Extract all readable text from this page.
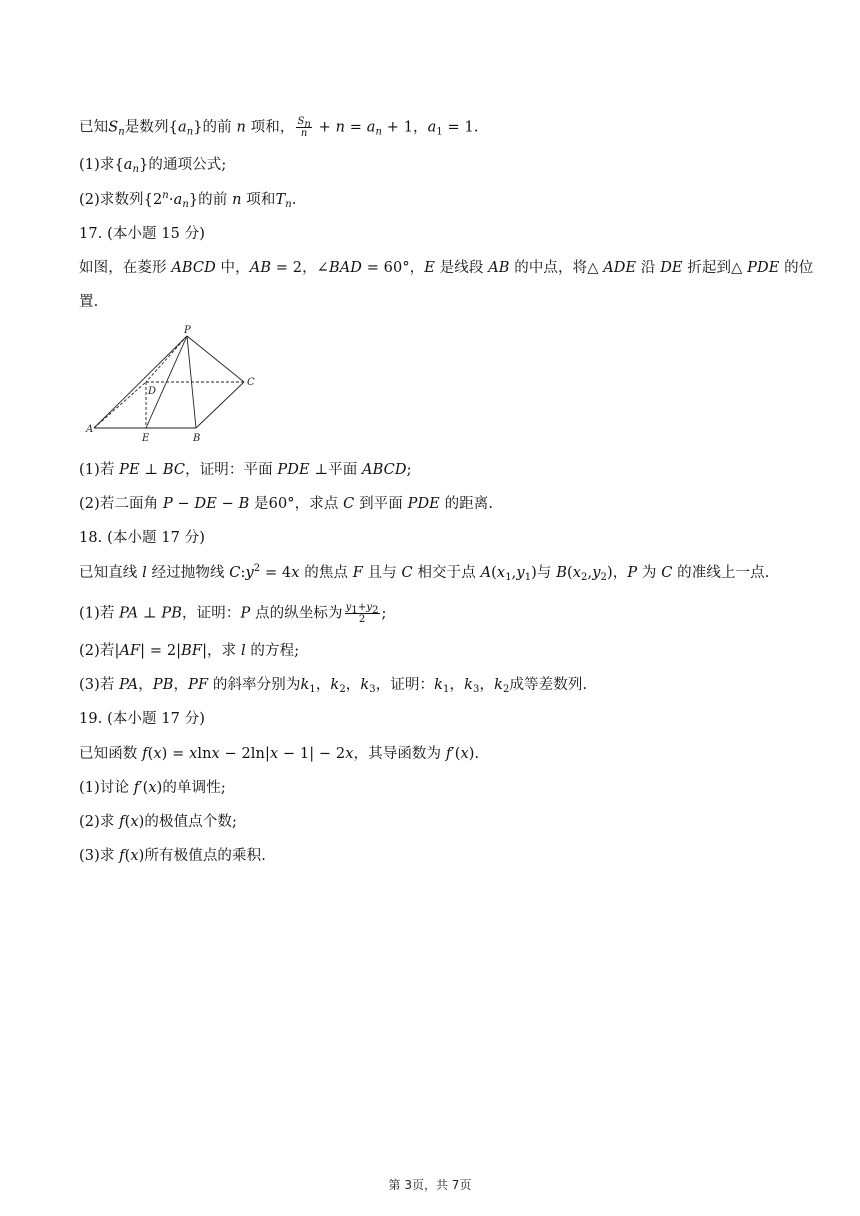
已知$S_n$是数列$\{a_n\}$的前 n 项和， $\frac{S_n}{n} + n = a_n + 1$，$a_1 = 1$.
(1)求$\{a_n\}$的通项公式;
(2)求数列$\{2^n\cdot a_n\}$的前 n 项和$T_n$.
17. (本小题 15 分)
如图，在菱形 ABCD 中，AB = 2，∠BAD = 60°，E 是线段 AB 的中点，将△ ADE 沿 DE 折起到△ PDE 的位
置.
P
C
D
A
E	B
(1)若 PE ⊥ BC，证明：平面 PDE ⊥平面 ABCD;
(2)若二面角 P − DE − B 是60°，求点 C 到平面 PDE 的距离.
18. (本小题 17 分)
已知直线 l 经过抛物线 $C:y^2 = 4x$ 的焦点 F 且与 C 相交于点 $A(x_1,y_1)$与 $B(x_2,y_2)$，P 为 C 的准线上一点.
(1)若 PA ⊥ PB，证明：P 点的纵坐标为 $\frac{y_1+y_2}{2}$ ;
(2)若|AF| = 2|BF|，求 l 的方程;
(3)若 PA，PB，PF 的斜率分别为$k_1$，$k_2$，$k_3$，证明：$k_1$，$k_3$，$k_2$成等差数列.
19. (本小题 17 分)
已知函数 f(x) = xlnx − 2ln|x − 1| − 2x，其导函数为 f′(x).
(1)讨论 f′(x)的单调性;
(2)求 f(x)的极值点个数;
(3)求 f(x)所有极值点的乘积.
第 3页，共 7页
